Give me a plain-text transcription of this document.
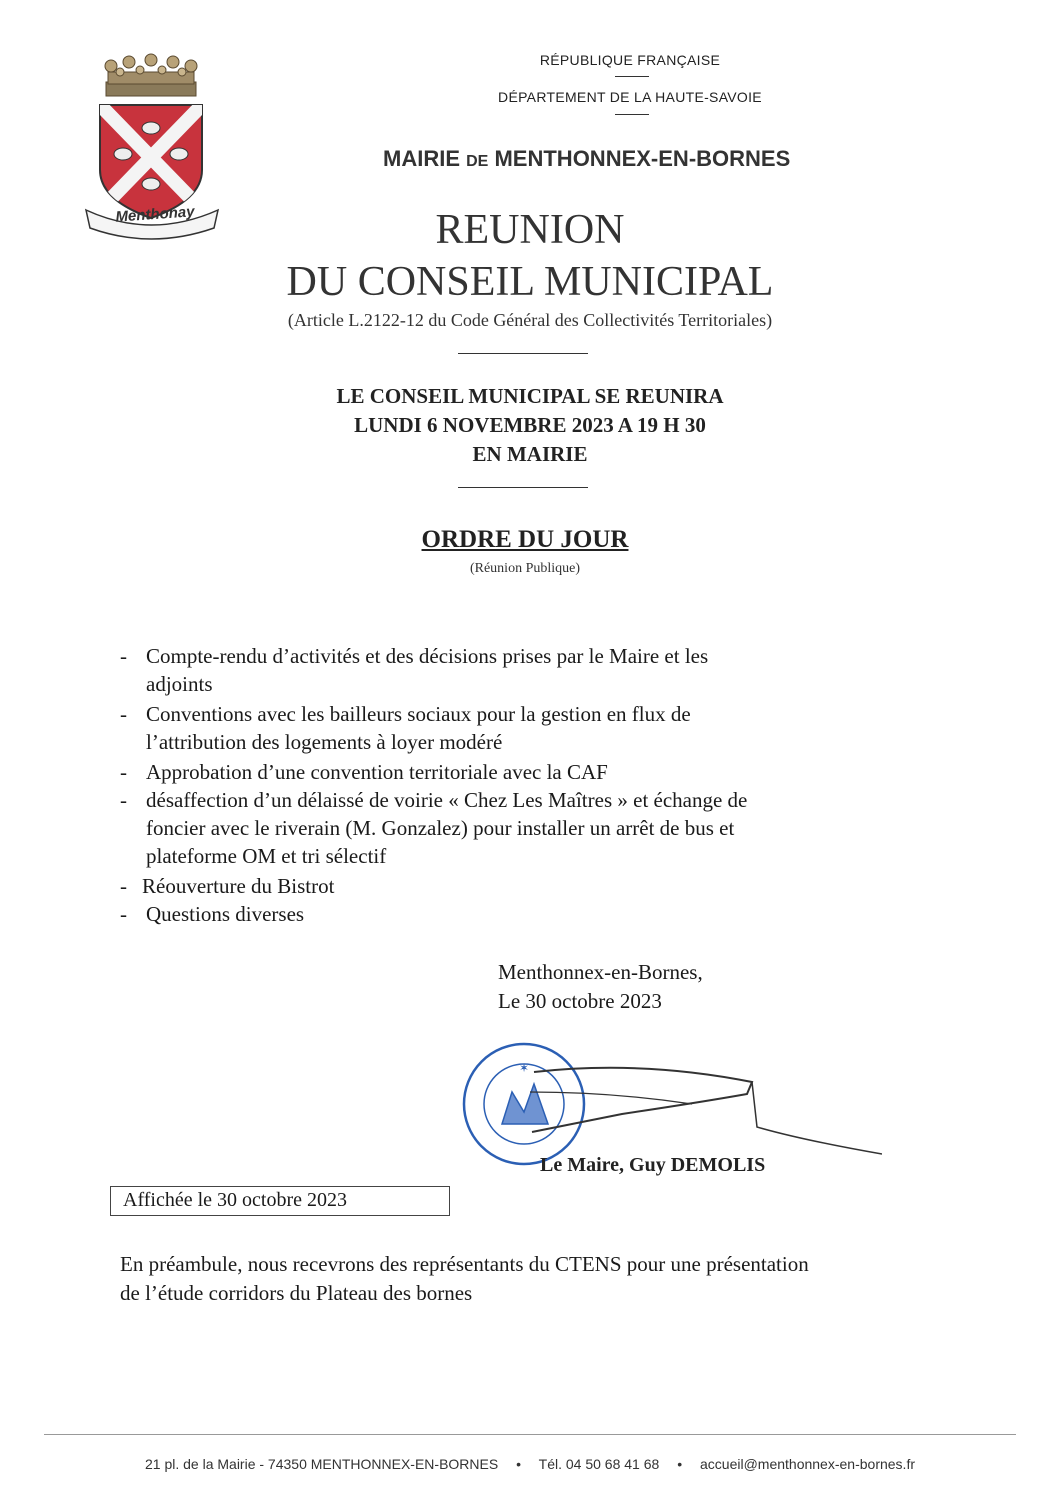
Menthonay
RÉPUBLIQUE FRANÇAISE
DÉPARTEMENT DE LA HAUTE-SAVOIE
MAIRIE DE MENTHONNEX-EN-BORNES
REUNION
DU CONSEIL MUNICIPAL
(Article L.2122-12 du Code Général des Collectivités Territoriales)
LE CONSEIL MUNICIPAL SE REUNIRA
LUNDI 6 NOVEMBRE 2023 A 19 H 30
EN MAIRIE
ORDRE DU JOUR
(Réunion Publique)
- Compte-rendu d’activités et des décisions prises par le Maire et les
adjoints
- Conventions avec les bailleurs sociaux pour la gestion en flux de
l’attribution des logements à loyer modéré
- Approbation d’une convention territoriale avec la CAF
- désaffection d’un délaissé de voirie « Chez Les Maîtres » et échange de
foncier avec le riverain (M. Gonzalez) pour installer un arrêt de bus et
plateforme OM et tri sélectif
- Réouverture du Bistrot
- Questions diverses
Menthonnex-en-Bornes,
Le 30 octobre 2023
✶
Le Maire, Guy DEMOLIS
Affichée le 30 octobre 2023
En préambule, nous recevrons des représentants du CTENS pour une présentation
de l’étude corridors du Plateau des bornes
21 pl. de la Mairie - 74350 MENTHONNEX-EN-BORNES • Tél. 04 50 68 41 68 • accueil@menthonnex-en-bornes.fr
